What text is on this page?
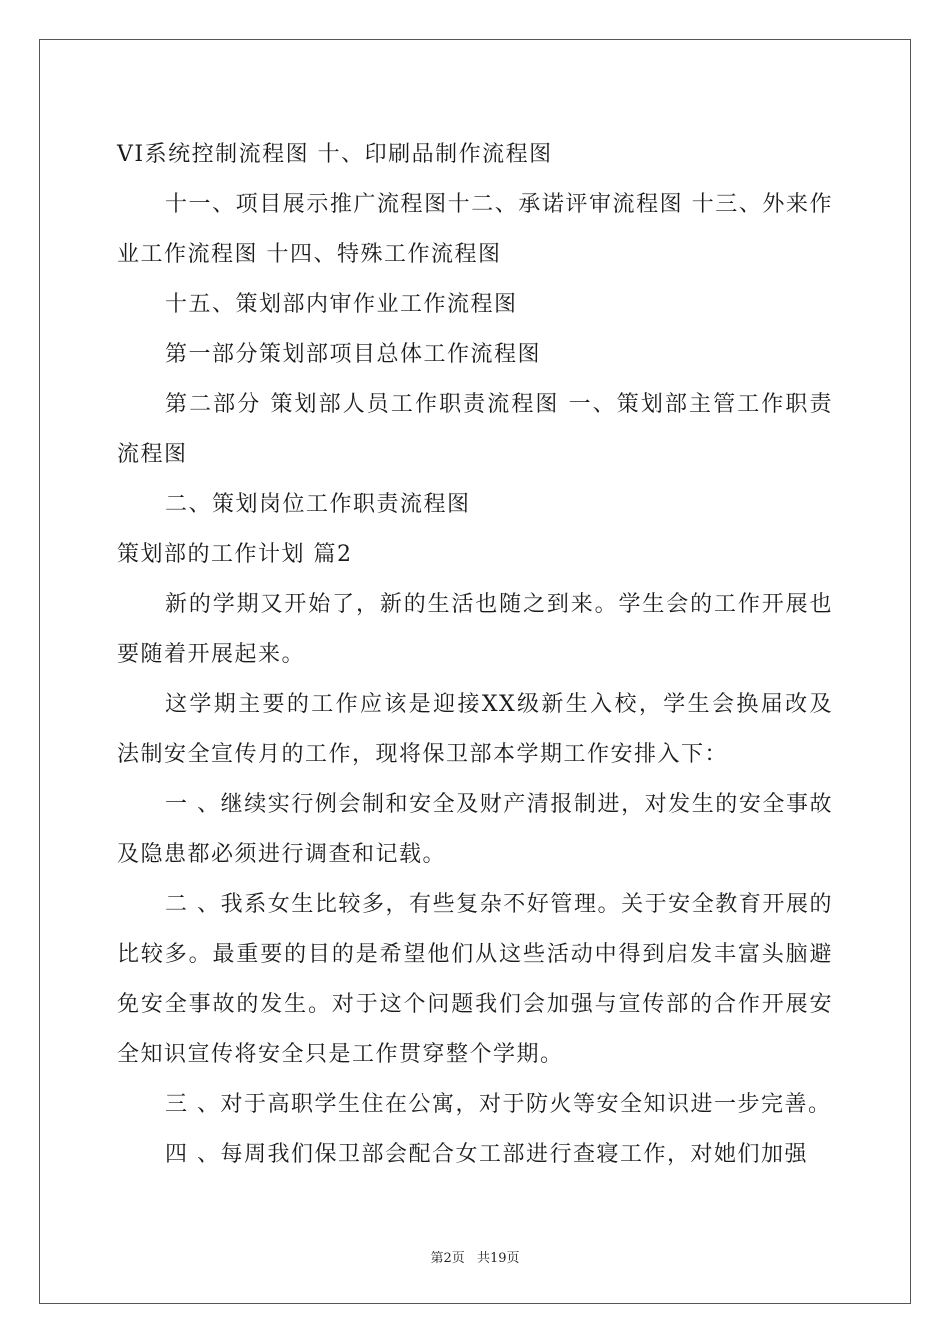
VI系统控制流程图 十、印刷品制作流程图

十一、项目展示推广流程图十二、承诺评审流程图 十三、外来作业工作流程图 十四、特殊工作流程图

十五、策划部内审作业工作流程图

第一部分策划部项目总体工作流程图

第二部分 策划部人员工作职责流程图 一、策划部主管工作职责流程图

二、策划岗位工作职责流程图

策划部的工作计划 篇2

新的学期又开始了，新的生活也随之到来。学生会的工作开展也要随着开展起来。

这学期主要的工作应该是迎接XX级新生入校，学生会换届改及法制安全宣传月的工作，现将保卫部本学期工作安排入下：

一 、继续实行例会制和安全及财产清报制进，对发生的安全事故及隐患都必须进行调查和记载。

二 、我系女生比较多，有些复杂不好管理。关于安全教育开展的比较多。最重要的目的是希望他们从这些活动中得到启发丰富头脑避免安全事故的发生。对于这个问题我们会加强与宣传部的合作开展安全知识宣传将安全只是工作贯穿整个学期。

三 、对于高职学生住在公寓，对于防火等安全知识进一步完善。

四 、每周我们保卫部会配合女工部进行查寝工作，对她们加强

第2页 共19页
